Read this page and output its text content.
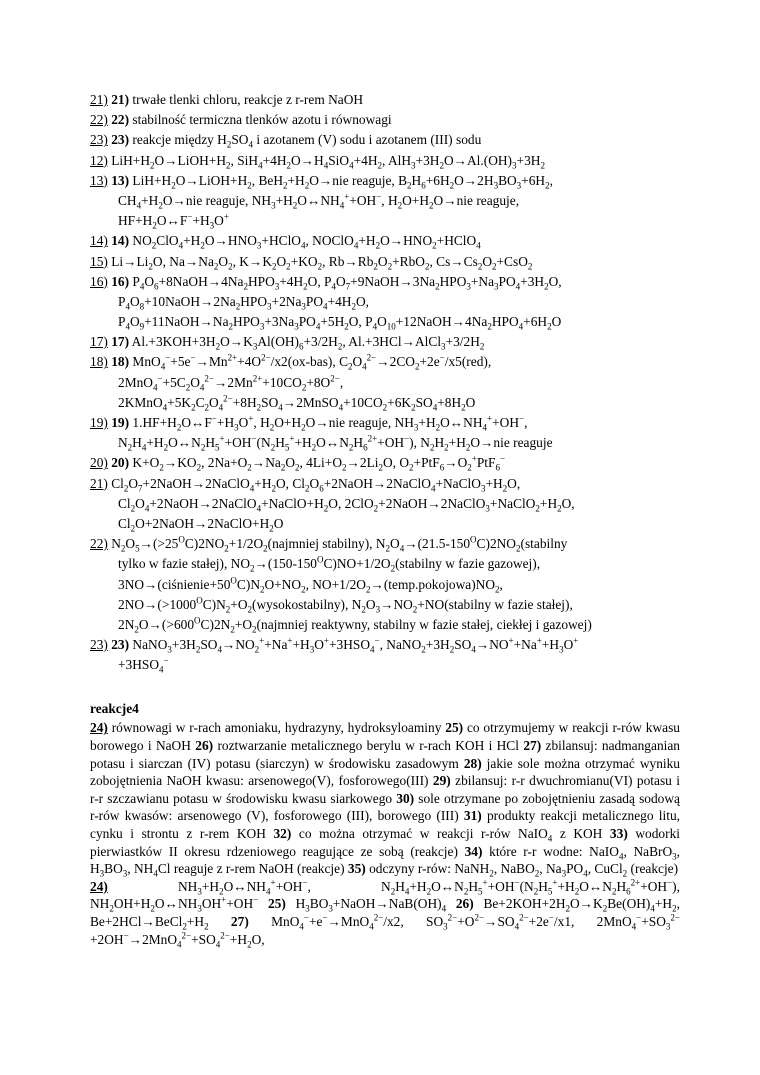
21) 21) trwałe tlenki chloru, reakcje z r-rem NaOH
22) 22) stabilność termiczna tlenków azotu i równowagi
23) 23) reakcje między $H_2SO_4$ i azotanem (V) sodu i azotanem (III) sodu
12) $LiH+H_2O\to LiOH+H_2$, $SiH_4+4H_2O\to H_4SiO_4+4H_2$, $AlH_3+3H_2O\to Al.(OH)_3+3H_2$
13) 13) $LiH+H_2O\to LiOH+H_2$, $BeH_2+H_2O\to nie$ reaguje, $B_2H_6+6H_2O\to 2H_3BO_3+6H_2$,
$CH_4+H_2O\to nie$ reaguje, $NH_3+H_2O\leftrightarrow NH_4^++OH^-$, $H_2O+H_2O\to nie$ reaguje,
$HF+H_2O\leftrightarrow F^-+H_3O^+$
14) 14) $NO_2ClO_4+H_2O\to HNO_3+HClO_4$, $NOClO_4+H_2O\to HNO_2+HClO_4$
15) $Li\to Li_2O$, $Na\to Na_2O_2$, $K\to K_2O_2+KO_2$, $Rb\to Rb_2O_2+RbO_2$, $Cs\to Cs_2O_2+CsO_2$
16) 16) $P_4O_6+8NaOH\to 4Na_2HPO_3+4H_2O$, $P_4O_7+9NaOH\to 3Na_2HPO_3+Na_3PO_4+3H_2O$,
$P_4O_8+10NaOH\to 2Na_2HPO_3+2Na_3PO_4+4H_2O$,
$P_4O_9+11NaOH\to Na_2HPO_3+3Na_3PO_4+5H_2O$, $P_4O_{10}+12NaOH\to 4Na_2HPO_4+6H_2O$
17) 17) $Al.+3KOH+3H_2O\to K_3Al(OH)_6+3/2H_2$, $Al.+3HCl\to AlCl_3+3/2H_2$
18) 18) $MnO_4^-+5e^-\to Mn^{2+}+4O^{2-}/x2(ox-bas)$, $C_2O_4^{2-}\to 2CO_2+2e^-/x5(red)$,
$2MnO_4^-+5C_2O_4^{2-}\to 2Mn^{2+}+10CO_2+8O^{2-}$,
$2KMnO_4+5K_2C_2O_4^{2-}+8H_2SO_4\to 2MnSO_4+10CO_2+6K_2SO_4+8H_2O$
19) 19) $1.HF+H_2O\leftrightarrow F^-+H_3O^+$, $H_2O+H_2O\to nie$ reaguje, $NH_3+H_2O\leftrightarrow NH_4^++OH^-$,
$N_2H_4+H_2O\leftrightarrow N_2H_5^++OH^-(N_2H_5^++H_2O\leftrightarrow N_2H_6^{2+}+OH^-)$, $N_2H_2+H_2O\to nie$ reaguje
20) 20) $K+O_2\to KO_2$, $2Na+O_2\to Na_2O_2$, $4Li+O_2\to 2Li_2O$, $O_2+PtF_6\to O_2^+PtF_6^-$
21) $Cl_2O_7+2NaOH\to 2NaClO_4+H_2O$, $Cl_2O_6+2NaOH\to 2NaClO_4+NaClO_3+H_2O$,
$Cl_2O_4+2NaOH\to 2NaClO_4+NaClO+H_2O$, $2ClO_2+2NaOH\to 2NaClO_3+NaClO_2+H_2O$,
$Cl_2O+2NaOH\to 2NaClO+H_2O$
22) $N_2O_5\to(>25^OC)2NO_2+1/2O_2(najmniej$ stabilny), $N_2O_4\to(21.5-150^OC)2NO_2(stabilny$
tylko w fazie stałej), $NO_2\to(150-150^OC)NO+1/2O_2(stabilny$ w fazie gazowej),
$3NO\to(ciśnienie+50^OC)N_2O+NO_2$, $NO+1/2O_2\to(temp.pokojowa)NO_2$,
$2NO\to(>1000^OC)N_2+O_2(wysokostabilny)$, $N_2O_3\to NO_2+NO(stabilny$ w fazie stałej),
$2N_2O\to(>600^OC)2N_2+O_2(najmniej$ reaktywny, stabilny w fazie stałej, ciekłej i gazowej)
23) 23) $NaNO_3+3H_2SO_4\to NO_2^++Na^++H_3O^++3HSO_4^-$, $NaNO_2+3H_2SO_4\to NO^++Na^++H_3O^+$
$+3HSO_4^-$
reakcje4
24) równowagi w r-rach amoniaku, hydrazyny, hydroksyloaminy 25) co otrzymujemy w reakcji r-rów kwasu borowego i NaOH 26) roztwarzanie metalicznego berylu w r-rach KOH i HCl 27) zbilansuj: nadmanganian potasu i siarczan (IV) potasu (siarczyn) w środowisku zasadowym 28) jakie sole można otrzymać wyniku zobojętnienia NaOH kwasu: arsenowego(V), fosforowego(III) 29) zbilansuj: r-r dwuchromianu(VI) potasu i r-r szczawianu potasu w środowisku kwasu siarkowego 30) sole otrzymane po zobojętnieniu zasadą sodową r-rów kwasów: arsenowego (V), fosforowego (III), borowego (III) 31) produkty reakcji metalicznego litu, cynku i strontu z r-rem KOH 32) co można otrzymać w reakcji r-rów NaIO$_4$ z KOH 33) wodorki pierwiastków II okresu rdzeniowego reagujące ze sobą (reakcje) 34) które r-r wodne: NaIO$_4$, NaBrO$_3$, $H_3BO_3$, $NH_4Cl$ reaguje z r-rem NaOH (reakcje) 35) odczyny r-rów: NaNH$_2$, NaBO$_2$, $Na_3PO_4$, CuCl$_2$ (reakcje)
24) $NH_3+H_2O\leftrightarrow NH_4^++OH^-$, $N_2H_4+H_2O\leftrightarrow N_2H_5^++OH^-(N_2H_5^++H_2O\leftrightarrow N_2H_6^{2+}+OH^-)$, $NH_2OH+H_2O\leftrightarrow NH_3OH^++OH^-$ 25) $H_3BO_3+NaOH\to NaB(OH)_4$ 26) $Be+2KOH+2H_2O\to K_2Be(OH)_4+H_2$, $Be+2HCl\to BeCl_2+H_2$ 27) MnO$_4$−+e−→MnO$_4^{2-}$/x2, $SO_3^{2-}+O^{2-}\to SO_4^{2-}+2e^-/x1$, $2MnO_4^-+SO_3^{2-}+2OH^-\to 2MnO_4^{2-}+SO_4^{2-}+H_2O$,
